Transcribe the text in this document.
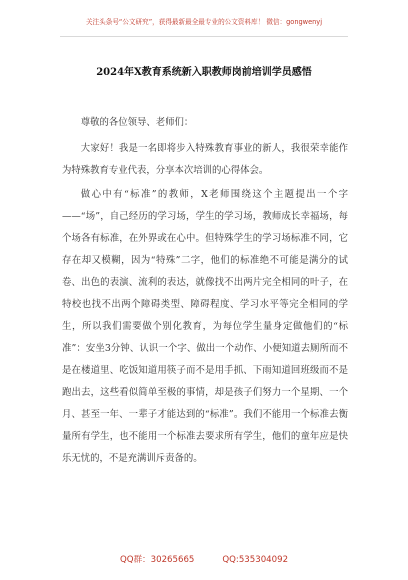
关注头条号“公文研究”，获得最新最全最专业的公文资料库！ 微信：gongwenyj
2024年X教育系统新入职教师岗前培训学员感悟

尊敬的各位领导、老师们：

大家好！我是一名即将步入特殊教育事业的新人，我很荣幸能作为特殊教育专业代表，分享本次培训的心得体会。

做心中有“标准”的教师，X老师围绕这个主题提出一个字——“场”，自己经历的学习场，学生的学习场，教师成长幸福场，每个场各有标准，在外界或在心中。但特殊学生的学习场标准不同，它存在却又模糊，因为“特殊”二字，他们的标准绝不可能是满分的试卷、出色的表演、流利的表达，就像找不出两片完全相同的叶子，在特校也找不出两个障碍类型、障碍程度、学习水平等完全相同的学生，所以我们需要做个别化教育，为每位学生量身定做他们的“标准”：安坐3分钟、认识一个字、做出一个动作、小便知道去厕所而不是在楼道里、吃饭知道用筷子而不是用手抓、下雨知道回班级而不是跑出去，这些看似简单至极的事情，却是孩子们努力一个星期、一个月、甚至一年、一辈子才能达到的“标准”。我们不能用一个标准去衡量所有学生，也不能用一个标准去要求所有学生，他们的童年应是快乐无忧的，不是充满训斥责备的。

QQ群：30265665	QQ:535304092
